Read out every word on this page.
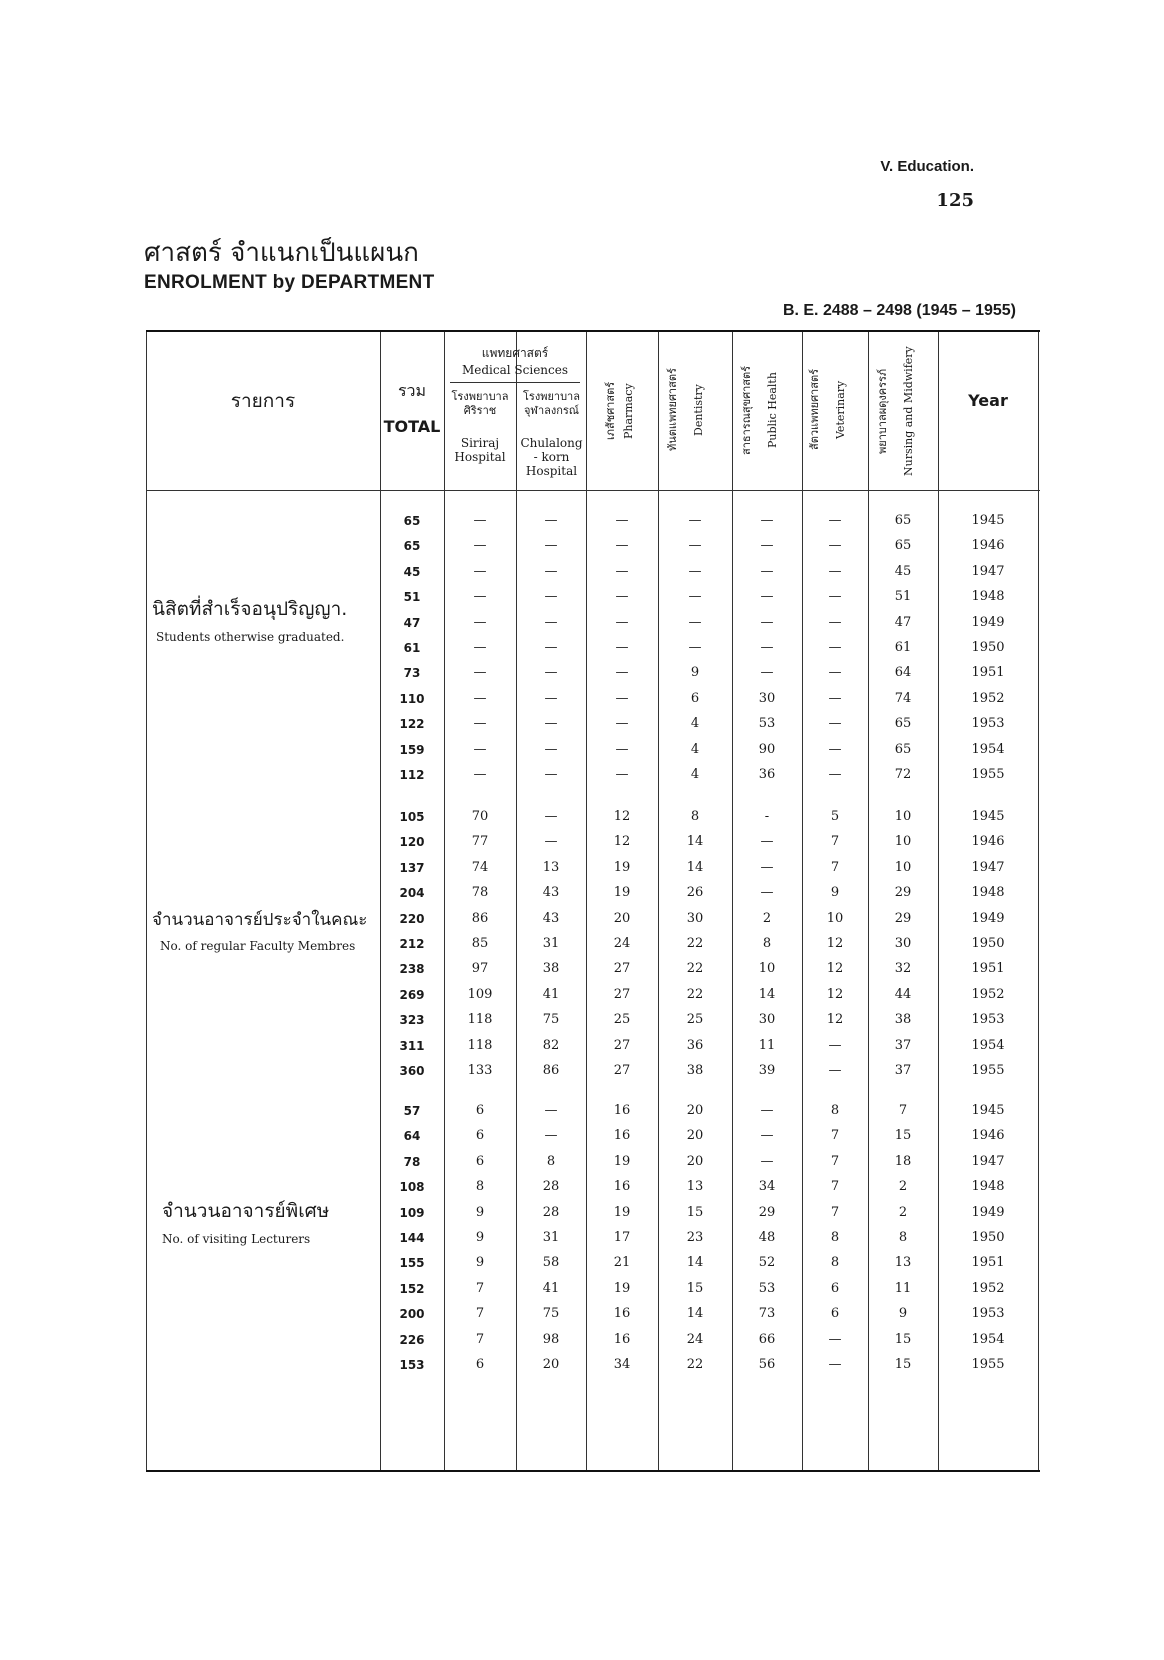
V. Education.
125
ศาสตร์ จำแนกเป็นแผนก
ENROLMENT by DEPARTMENT
B. E. 2488 – 2498 (1945 – 1955)
รายการ	รวม
TOTAL
แพทยศาสตร์
Medical Sciences
โรงพยาบาล ศิริราช
Siriraj Hospital
โรงพยาบาล จุฬาลงกรณ์
Chulalong - korn Hospital
เภสัชศาสตร์ Pharmacy	ทันตแพทยศาสตร์	Dentistry	สาธารณสุขศาสตร์	Public Health	สัตวแพทยศาสตร์	Veterinary	พยาบาลผดุงครรภ์	Nursing and Midwifery	Year
นิสิตที่สำเร็จอนุปริญญา.
Students otherwise graduated.
จำนวนอาจารย์ประจำในคณะ
No. of regular Faculty Membres
จำนวนอาจารย์พิเศษ
No. of visiting Lecturers
65	—	—	—	—	—	—	65	1945
65	—	—	—	—	—	—	65	1946
45	—	—	—	—	—	—	45	1947
51	—	—	—	—	—	—	51	1948
47	—	—	—	—	—	—	47	1949
61	—	—	—	—	—	—	61	1950
73	—	—	—	9	—	—	64	1951
110	—	—	—	6	30	—	74	1952
122	—	—	—	4	53	—	65	1953
159	—	—	—	4	90	—	65	1954
112	—	—	—	4	36	—	72	1955
105	70	—	12	8	-	5	10	1945
120	77	—	12	14	—	7	10	1946
137	74	13	19	14	—	7	10	1947
204	78	43	19	26	—	9	29	1948
220	86	43	20	30	2	10	29	1949
212	85	31	24	22	8	12	30	1950
238	97	38	27	22	10	12	32	1951
269	109	41	27	22	14	12	44	1952
323	118	75	25	25	30	12	38	1953
311	118	82	27	36	11	—	37	1954
360	133	86	27	38	39	—	37	1955
57	6	—	16	20	—	8	7	1945
64	6	—	16	20	—	7	15	1946
78	6	8	19	20	—	7	18	1947
108	8	28	16	13	34	7	2	1948
109	9	28	19	15	29	7	2	1949
144	9	31	17	23	48	8	8	1950
155	9	58	21	14	52	8	13	1951
152	7	41	19	15	53	6	11	1952
200	7	75	16	14	73	6	9	1953
226	7	98	16	24	66	—	15	1954
153	6	20	34	22	56	—	15	1955
